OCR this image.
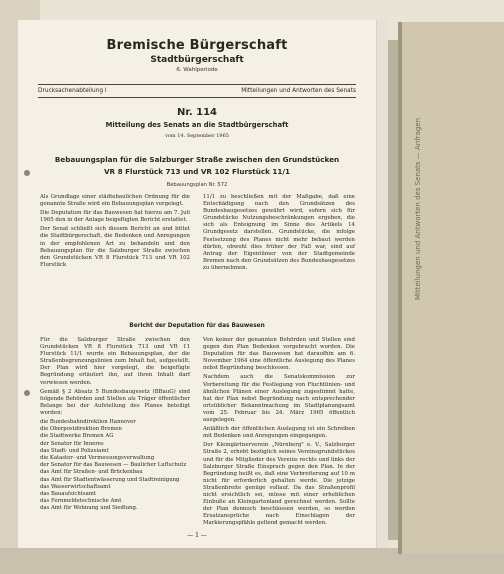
Mitteilungen und Antworten des Senats — Anfragen
Bremische Bürgerschaft
Stadtbürgerschaft
6. Wahlperiode
Drucksachenabteilung I	Mitteilungen und Antworten des Senats
Nr. 114
Mitteilung des Senats an die Stadtbürgerschaft
vom 14. September 1965
Bebauungsplan für die Salzburger Straße zwischen den Grundstücken
VR 8 Flurstück 713 und VR 102 Flurstück 11/1
Bebauungsplan Nr. 572

Als Grundlage einer städtebaulichen Ordnung für die genannte Straße wird ein Bebauungsplan vorgelegt.

Die Deputation für das Bauwesen hat hierzu am 7. Juli 1965 den in der Anlage beigefügten Bericht erstattet.

Der Senat schließt sich diesem Bericht an und bittet die Stadtbürgerschaft, die Bedenken und Anregungen in der empfohlenen Art zu behandeln und den Bebauungsplan für die Salzburger Straße zwischen den Grundstücken VR 8 Flurstück 713 und VR 102 Flurstück

11/1 zu beschließen mit der Maßgabe, daß eine Entschädigung nach den Grundsätzen des Bundesbaugesetzes gewährt wird, sofern sich für Grundstücke Nutzungsbeschränkungen ergeben, die sich als Enteignung im Sinne des Artikels 14 Grundgesetz darstellen. Grundstücke, die infolge Festsetzung des Planes nicht mehr bebaut werden dürfen, obwohl dies früher der Fall war, sind auf Antrag der Eigentümer von der Stadtgemeinde Bremen nach den Grundsätzen des Bundesbaugesetzes zu übernehmen.

Bericht der Deputation für das Bauwesen

Für die Salzburger Straße zwischen den Grundstücken VR 8 Flurstück 713 und VR 11 Flurstück 11/1 wurde ein Bebauungsplan, der die Straßenbegrenzungslinien zum Inhalt hat, aufgestellt. Der Plan wird hier vorgelegt, die beigefügte Begründung erläutert ihn, auf ihren Inhalt darf verwiesen werden.

Gemäß § 2 Absatz 5 Bundesbaugesetz (BBauG) sind folgende Behörden und Stellen als Träger öffentlicher Belange bei der Aufstellung des Planes beteiligt worden:

die Bundesbahndirektion Hannover
die Oberpostdirektion Bremen
die Stadtwerke Bremen AG
der Senator für Inneres
das Stadt- und Polizeiamt
die Kataster- und Vermessungsverwaltung
der Senator für das Bauwesen — Baulicher Luftschutz
das Amt für Straßen- und Brückenbau
das Amt für Stadtentwässerung und Stadtreinigung
das Wasserwirtschaftsamt
das Bauaufsichtsamt
das Fernmeldetechnische Amt
das Amt für Wohnung und Siedlung.

Von keiner der genannten Behörden und Stellen sind gegen den Plan Bedenken vorgebracht worden. Die Deputation für das Bauwesen hat daraufhin am 6. November 1964 eine öffentliche Auslegung des Planes nebst Begründung beschlossen.

Nachdem auch die Senatskommission zur Vorbereitung für die Festlegung von Fluchtlinien- und ähnlichen Plänen einer Auslegung zugestimmt hatte, hat der Plan nebst Begründung nach entsprechender ortsüblicher Bekanntmachung im Stadtplanungsamt vom 25. Februar bis 24. März 1965 öffentlich ausgelegen.

Anläßlich der öffentlichen Auslegung ist ein Schreiben mit Bedenken und Anregungen eingegangen.

Der Kleingärtnerverein „Nürnberg" e. V., Salzburger Straße 2, erhebt bezüglich seines Vereinsgrundstückes und für die Mitglieder des Vereins rechts und links der Salzburger Straße Einspruch gegen den Plan. In der Begründung heißt es, daß eine Verbreiterung auf 10 m nicht für erforderlich gehalten werde. Die jetzige Straßenbreite genüge vollauf. Da das Straßenprofil nicht ersichtlich sei, müsse mit einer erheblichen Einbuße an Kleingartenland gerechnet werden. Sollte der Plan dennoch beschlossen werden, so werden Ersatzansprüche nach Einschlagen der Markierungspfähle geltend gemacht werden.

— 1 —
